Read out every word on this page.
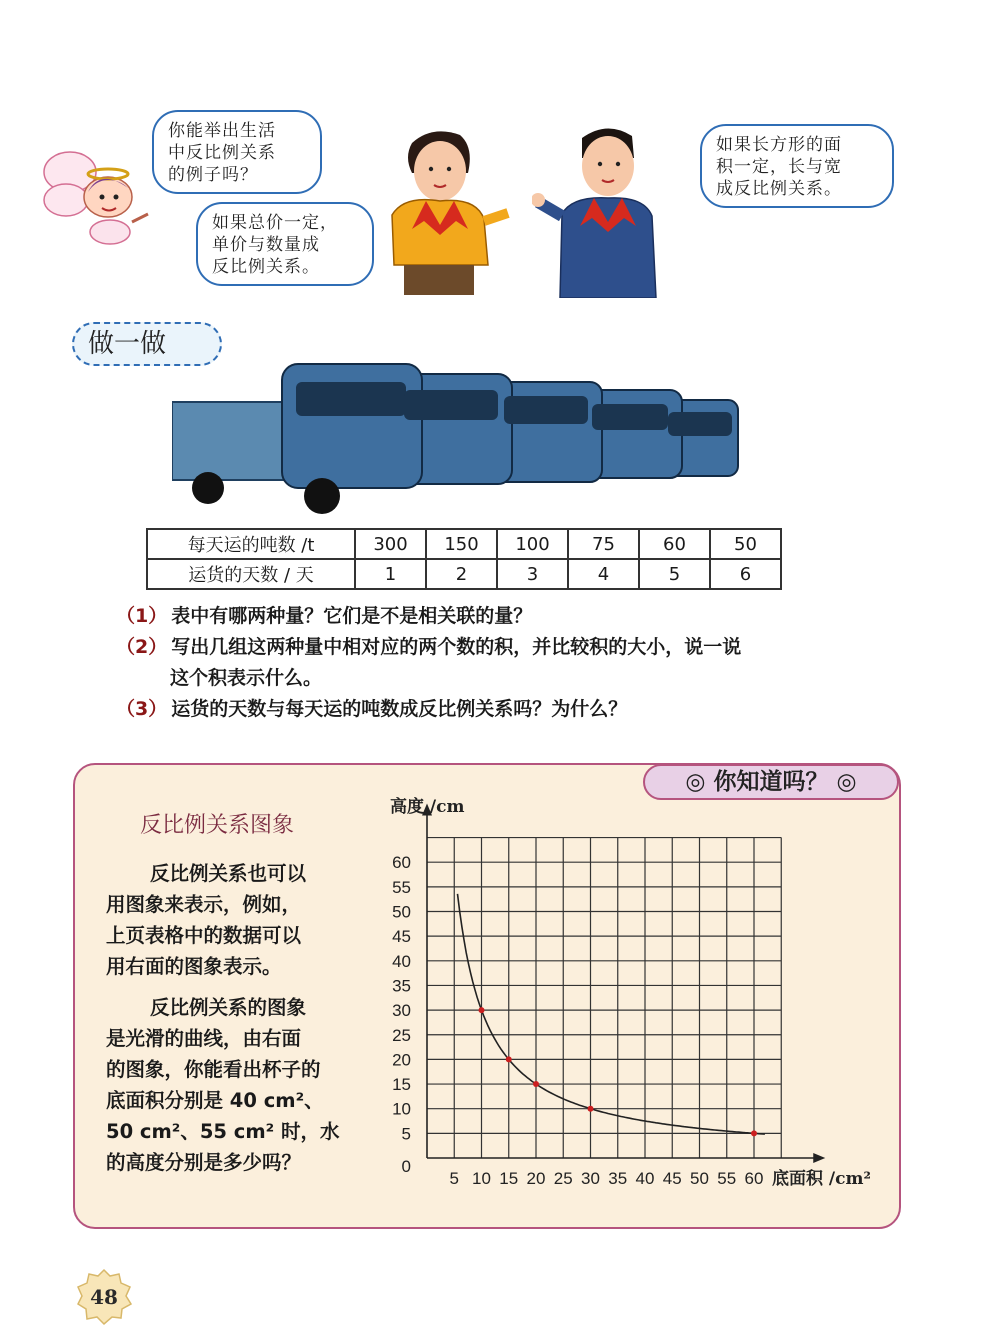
你能举出生活
中反比例关系
的例子吗？
如果总价一定，
单价与数量成
反比例关系。
如果长方形的面
积一定，长与宽
成反比例关系。
做一做
每天运的吨数 /t	300	150	100	75	60	50
运货的天数 / 天	1	2	3	4	5	6
（1） 表中有哪两种量？它们是不是相关联的量？
（2） 写出几组这两种量中相对应的两个数的积，并比较积的大小，说一说
这个积表示什么。
（3） 运货的天数与每天运的吨数成反比例关系吗？为什么？
◎ 你知道吗？ ◎
反比例关系图象
反比例关系也可以
用图象来表示，例如，
上页表格中的数据可以
用右面的图象表示。
反比例关系的图象
是光滑的曲线，由右面
的图象，你能看出杯子的
底面积分别是 40 cm²、
50 cm²、55 cm² 时，水
的高度分别是多少吗？	0
5
10
15
20
25
30
35
40
45
50
55
60
5 10 15 20 25 30 35 40 45 50 55 60
高度 /cm
底面积 /cm²
48
